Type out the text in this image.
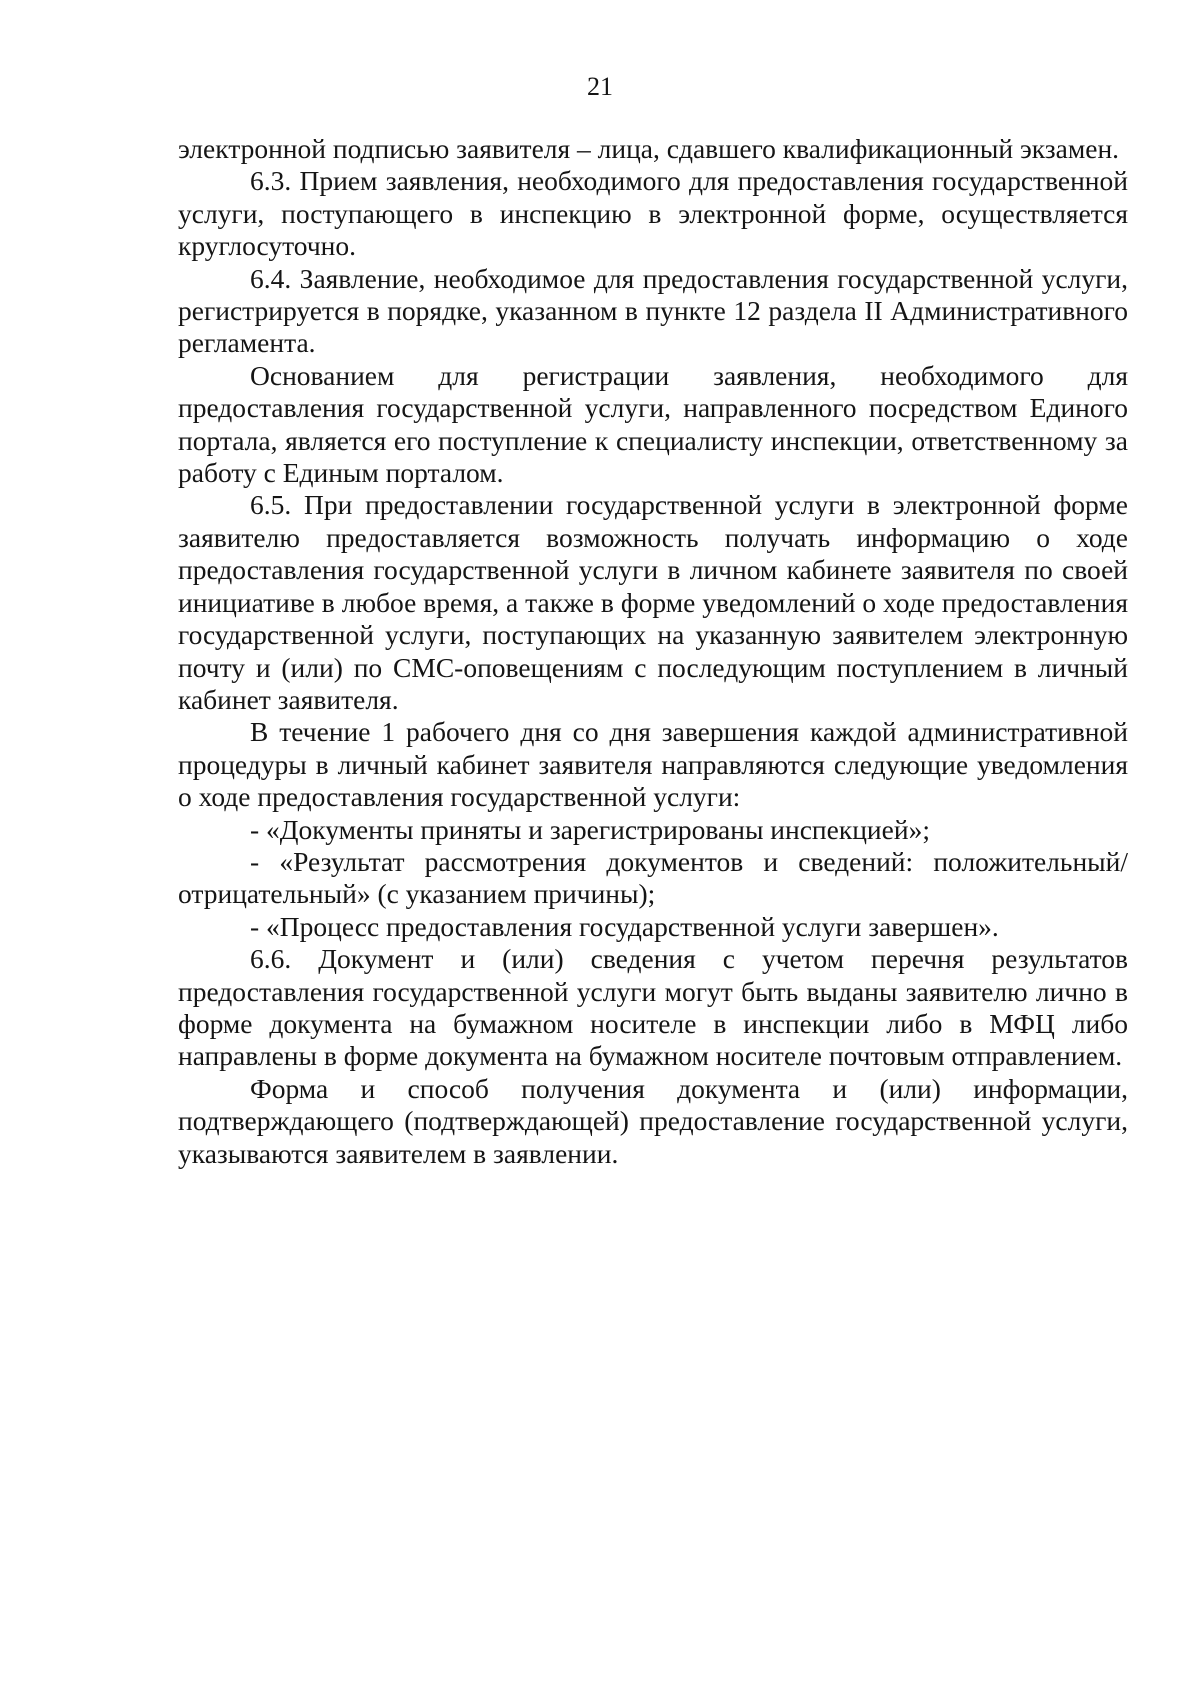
21

электронной подписью заявителя – лица, сдавшего квалификационный экзамен.

6.3. Прием заявления, необходимого для предоставления государственной услуги, поступающего в инспекцию в электронной форме, осуществляется круглосуточно.

6.4. Заявление, необходимое для предоставления государственной услуги, регистрируется в порядке, указанном в пункте 12 раздела II Административного регламента.

Основанием для регистрации заявления, необходимого для предоставления государственной услуги, направленного посредством Единого портала, является его поступление к специалисту инспекции, ответственному за работу с Единым порталом.

6.5. При предоставлении государственной услуги в электронной форме заявителю предоставляется возможность получать информацию о ходе предоставления государственной услуги в личном кабинете заявителя по своей инициативе в любое время, а также в форме уведомлений о ходе предоставления государственной услуги, поступающих на указанную заявителем электронную почту и (или) по СМС-оповещениям с последующим поступлением в личный кабинет заявителя.

В течение 1 рабочего дня со дня завершения каждой административной процедуры в личный кабинет заявителя направляются следующие уведомления о ходе предоставления государственной услуги:

- «Документы приняты и зарегистрированы инспекцией»;

- «Результат рассмотрения документов и сведений: положительный/ отрицательный» (с указанием причины);

- «Процесс предоставления государственной услуги завершен».

6.6. Документ и (или) сведения с учетом перечня результатов предоставления государственной услуги могут быть выданы заявителю лично в форме документа на бумажном носителе в инспекции либо в МФЦ либо направлены в форме документа на бумажном носителе почтовым отправлением.

Форма и способ получения документа и (или) информации, подтверждающего (подтверждающей) предоставление государственной услуги, указываются заявителем в заявлении.
